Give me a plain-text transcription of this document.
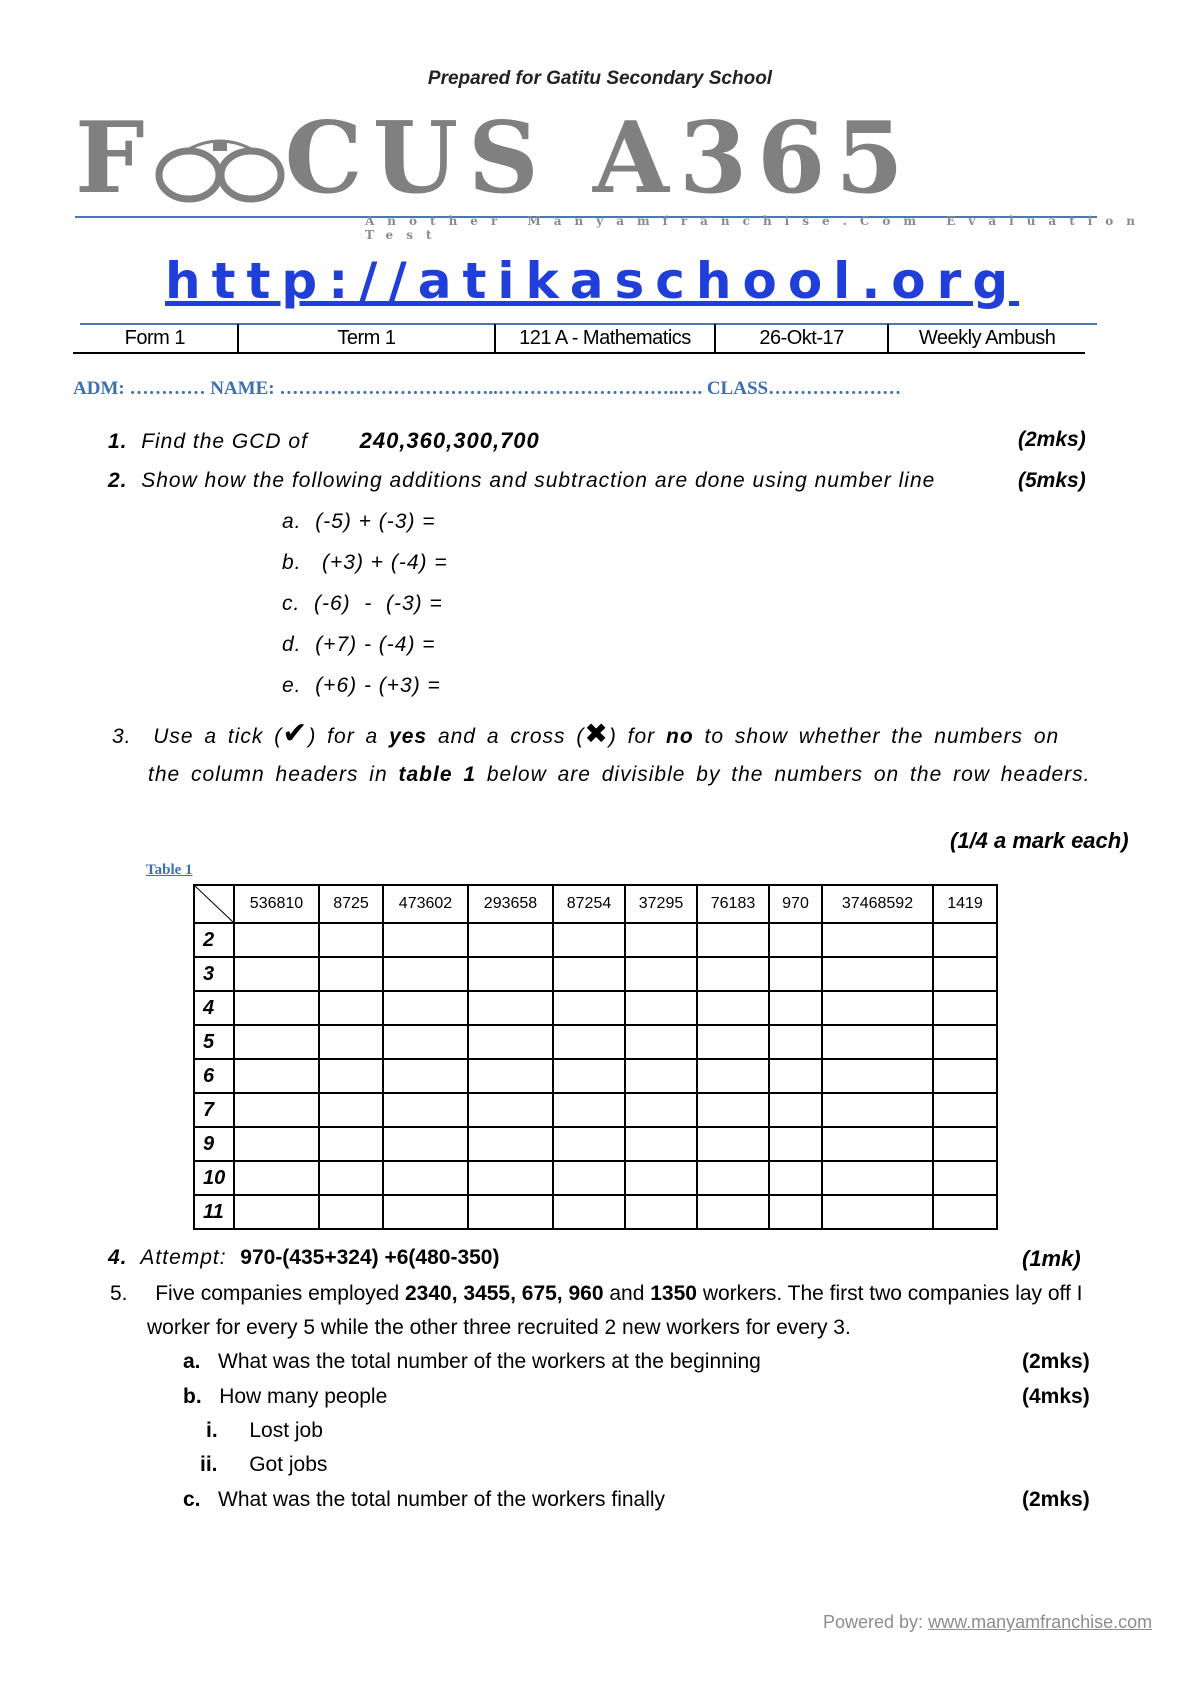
Prepared for Gatitu Secondary School
F CUS A365
Another Manyamfranchise.Com Evaluation Test
http://atikaschool.org
Form 1	Term 1	121 A - Mathematics	26-Okt-17	Weekly Ambush
ADM: ………… NAME: ……………………………..………………………..…. CLASS…………………
1. Find the GCD of 240,360,300,700	(2mks)
2. Show how the following additions and subtraction are done using number line	(5mks)
a. (-5) + (-3) =
b.   (+3) + (-4) =
c. (-6)  -  (-3) =
d. (+7) - (-4) =
e. (+6) - (+3) =
3. Use a tick (✔) for a yes and a cross (✖) for no to show whether the numbers on
the column headers in table 1 below are divisible by the numbers on the row headers.
(1/4 a mark each)
Table 1
	536810	8725	473602	293658	87254	37295	76183	970	37468592	1419
2										
3										
4										
5										
6										
7										
9										
10										
11										
4. Attempt: 970-(435+324) +6(480-350)	(1mk)
5. Five companies employed 2340, 3455, 675, 960 and 1350 workers. The first two companies lay off I
worker for every 5 while the other three recruited 2 new workers for every 3.
a. What was the total number of the workers at the beginning	(2mks)
b. How many people	(4mks)
i. Lost job
ii. Got jobs
c. What was the total number of the workers finally	(2mks)
Powered by: www.manyamfranchise.com
